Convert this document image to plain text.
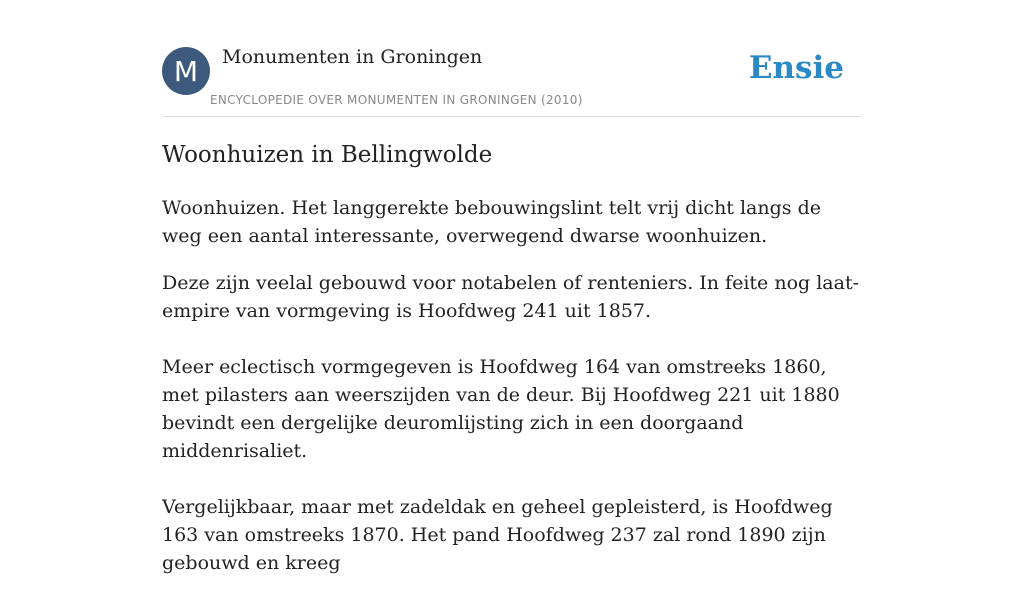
M	Monumenten in Groningen
ENCYCLOPEDIE OVER MONUMENTEN IN GRONINGEN (2010)
Ensie
Woonhuizen in Bellingwolde

Woonhuizen. Het langgerekte bebouwingslint telt vrij dicht langs de weg een aantal interessante, overwegend dwarse woonhuizen.

Deze zijn veelal gebouwd voor notabelen of renteniers. In feite nog laat-empire van vormgeving is Hoofdweg 241 uit 1857.

Meer eclectisch vormgegeven is Hoofdweg 164 van omstreeks 1860, met pilasters aan weerszijden van de deur. Bij Hoofdweg 221 uit 1880 bevindt een dergelijke deuromlijsting zich in een doorgaand middenrisaliet.

Vergelijkbaar, maar met zadeldak en geheel gepleisterd, is Hoofdweg 163 van omstreeks 1870. Het pand Hoofdweg 237 zal rond 1890 zijn gebouwd en kreeg
